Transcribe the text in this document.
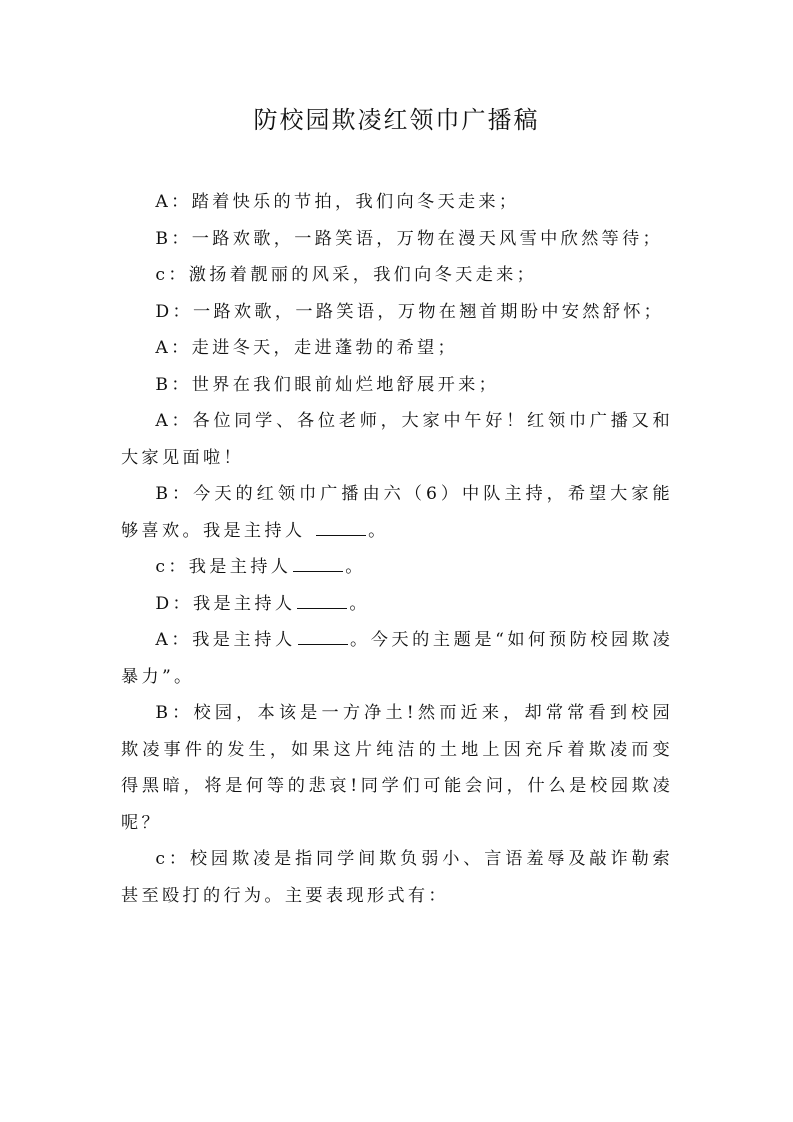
防校园欺凌红领巾广播稿

A：踏着快乐的节拍，我们向冬天走来；

B：一路欢歌，一路笑语，万物在漫天风雪中欣然等待；

c：激扬着靓丽的风采，我们向冬天走来；

D：一路欢歌，一路笑语，万物在翘首期盼中安然舒怀；

A：走进冬天，走进蓬勃的希望；

B：世界在我们眼前灿烂地舒展开来；

A：各位同学、各位老师，大家中午好！红领巾广播又和大家见面啦！

B：今天的红领巾广播由六（6）中队主持，希望大家能够喜欢。我是主持人	。

c：我是主持人	。

D：我是主持人	。

A：我是主持人	。今天的主题是“如何预防校园欺凌暴力”。

B：校园，本该是一方净土!然而近来，却常常看到校园欺凌事件的发生，如果这片纯洁的土地上因充斥着欺凌而变得黑暗，将是何等的悲哀!同学们可能会问，什么是校园欺凌呢？

c：校园欺凌是指同学间欺负弱小、言语羞辱及敲诈勒索甚至殴打的行为。主要表现形式有：
